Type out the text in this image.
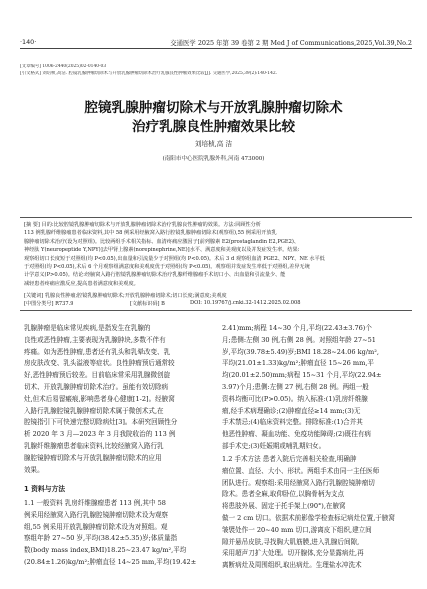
·140·	交通医学 2025 年第 39 卷第 2 期 Med J of Communications,2025,Vol.39,No.2
[文章编号] 1006-2440(2025)02-0140-03
[引文格式] 刘培桢,高洁. 腔镜乳腺肿瘤切除术与开放乳腺肿瘤切除术治疗乳腺良性肿瘤效果比较[J]. 交通医学,2025,39(2):140-142.
腔镜乳腺肿瘤切除术与开放乳腺肿瘤切除术
治疗乳腺良性肿瘤效果比较
刘培桢,高 洁
(南阳市中心医院乳腺外科,河南 473000)
[摘 要] 目的:比较腔镜乳腺肿瘤切除术与开放乳腺肿瘤切除术治疗乳腺良性肿瘤的效果。方法:回顾性分析
113 例乳腺纤维腺瘤患者临床资料,其中 58 例采用经腋窝入路行腔镜乳腺肿瘤切除术(观察组),55 例采用开放乳
腺肿瘤切除术治疗(设为对照组)。比较两组手术相关指标、血清疼痛应激因子[前列腺素 E2(prostaglandin E2,PGE2)、
神经肽 Y(neuropeptide Y,NPY)]去甲肾上腺素(norepinephrine,NE)]水平、满意度和美观度以及并发症发生率。结果:
观察组切口长度短于对照组(均 P<0.05),出血量和引流量少于对照组(均 P<0.05)。术后 3 d 观察组血清 PGE2、NPY、NE 水平低
于对照组(均 P<0.05),术后 6 个月观察组满意度和美观度优于对照组(均 P<0.05)。观察组并发症发生率低于对照组,差异无统
计学意义(P>0.05)。结论:经腋窝入路行腔镜乳腺肿瘤切除术治疗乳腺纤维腺瘤手术切口小、出血量和引流量少、能
减轻患者疼痛应激反应,提高患者满意度和美观度。
[关键词] 乳腺良性肿瘤;腔镜乳腺肿瘤切除术;开放乳腺肿瘤切除术;切口长度;满意度;美观度
[中图分类号] R737.9	[文献标识码] B	DOI: 10.19767/j.cnki.32-1412.2025.02.008
乳腺肿瘤是临床常见疾病,是指发生在乳腺的
良性或恶性肿瘤,主要表现为乳腺肿块,多数不伴有
疼痛。如为恶性肿瘤,患者还有乳头和乳晕改变、乳
房皮肤改变、乳头溢液等症状。良性肿瘤预后通常较
好,恶性肿瘤预后较差。目前临床常采用乳腺微创旋
切术、开放乳腺肿瘤切除术治疗。虽能有效切除病
灶,但术后易留瘢痕,影响患者身心健康[1-2]。经腋窝
入路行乳腺腔镜乳腺肿瘤切除术属于微创术式,在
腔镜指引下可快速完整切除病灶[3]。本研究回顾性分
析 2020 年 3 月—2023 年 3 月我院收治的 113 例
乳腺纤维腺瘤患者临床资料,比较经腋窝入路行乳
腺腔镜肿瘤切除术与开放乳腺肿瘤切除术的应用
效果。
1 资料与方法
1.1 一般资料 乳房纤维腺瘤患者 113 例,其中 58
例采用经腋窝入路行乳腺腔镜肿瘤切除术设为观察
组,55 例采用开放乳腺肿瘤切除术设为对照组。观
察组年龄 27~50 岁,平均(38.42±5.35)岁;体质量指
数(body mass index,BMI)18.25~23.47 kg/m²,平均
(20.84±1.26)kg/m²;肿瘤直径 14~25 mm,平均(19.42±
2.41)mm;病程 14~30 个月,平均(22.43±3.76)个
月;患侧:左侧 30 例,右侧 28 例。对照组年龄 27~51
岁,平均(39.78±5.49)岁;BMI 18.28~24.06 kg/m²,
平均(21.01±1.33)kg/m²;肿瘤直径 15~26 mm,平
均(20.01±2.50)mm;病程 15~31 个月,平均(22.94±
3.97)个月;患侧:左侧 27 例,右侧 28 例。两组一般
资料均衡可比(P>0.05)。纳入标准:(1)乳房纤维腺
瘤,经手术病理确诊;(2)肿瘤直径≥14 mm;(3)无
手术禁忌;(4)临床资料完整。排除标准:(1)合并其
他恶性肿瘤、凝血功能、免疫功能障碍;(2)既往有病
部手术史;(3)妊娠期或哺乳期妇女。
1.2 手术方法 患者入院后完善相关检查,明确肿
瘤位置、直径、大小、形状。两组手术由同一主任医师
团队进行。观察组:采用经腋窝入路行乳腺腔镜肿瘤切
除术。患者全麻,取仰卧位,以胸骨柄为支点
将患肢外展、固定于托手架上(90°),在腋窝
做一 2 cm 切口。依据术前影像学检查标记病灶位置,于腋窝
皱襞处作一 20~40 mm 切口,游离皮下组织,建立间
隙并悬吊皮肤,寻找胸大肌筋膜,进入乳腺后间隙,
采用超声刀扩大处理。切开腺体,充分显露病灶,再
离断病灶及周围组织,取出病灶。生理盐水冲洗术
